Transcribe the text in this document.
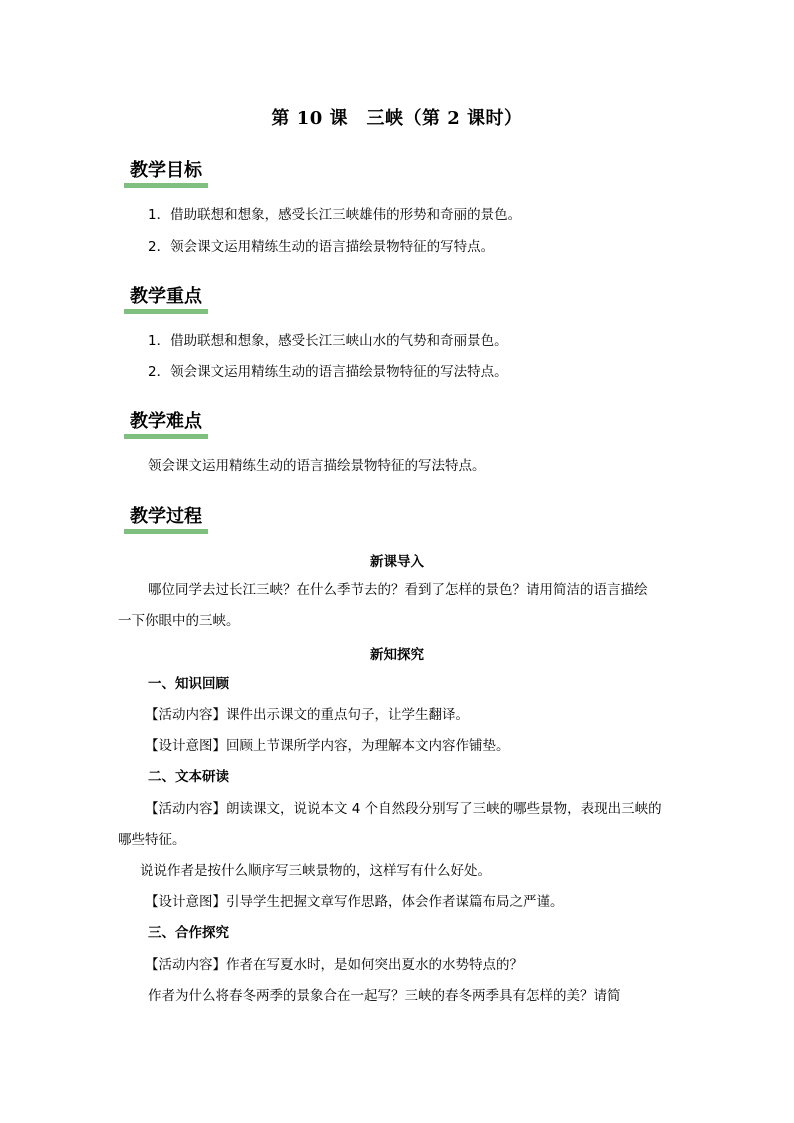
第 10 课　三峡（第 2 课时）
教学目标
1．借助联想和想象，感受长江三峡雄伟的形势和奇丽的景色。
2．领会课文运用精练生动的语言描绘景物特征的写特点。
教学重点
1．借助联想和想象，感受长江三峡山水的气势和奇丽景色。
2．领会课文运用精练生动的语言描绘景物特征的写法特点。
教学难点
领会课文运用精练生动的语言描绘景物特征的写法特点。
教学过程
新课导入
哪位同学去过长江三峡？在什么季节去的？看到了怎样的景色？请用简洁的语言描绘
一下你眼中的三峡。
新知探究
一、知识回顾
【活动内容】课件出示课文的重点句子，让学生翻译。
【设计意图】回顾上节课所学内容，为理解本文内容作铺垫。
二、文本研读
【活动内容】朗读课文，说说本文 4 个自然段分别写了三峡的哪些景物，表现出三峡的
哪些特征。
说说作者是按什么顺序写三峡景物的，这样写有什么好处。
【设计意图】引导学生把握文章写作思路，体会作者谋篇布局之严谨。
三、合作探究
【活动内容】作者在写夏水时，是如何突出夏水的水势特点的？
作者为什么将春冬两季的景象合在一起写？三峡的春冬两季具有怎样的美？请简
